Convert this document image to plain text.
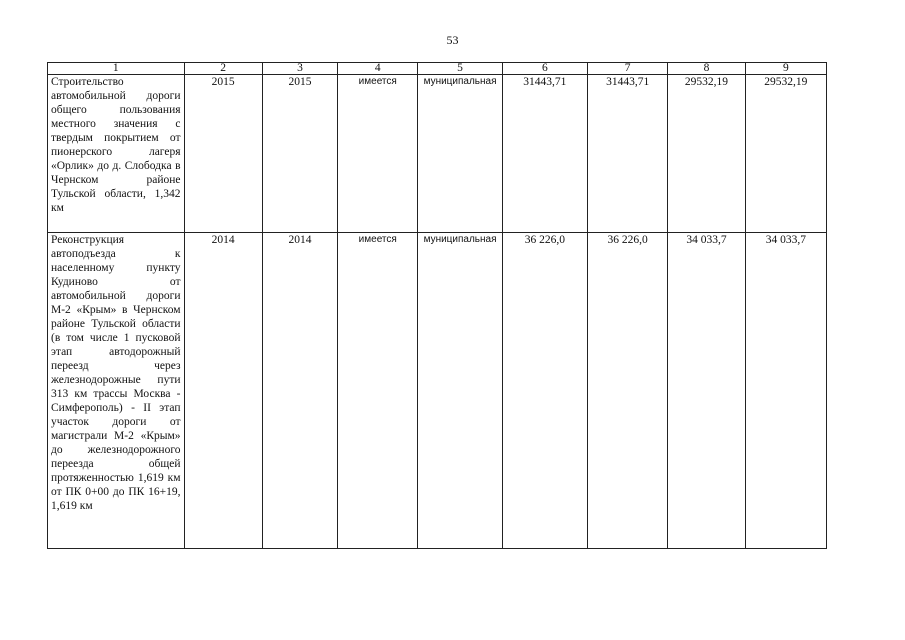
53
1	2	3	4	5	6	7	8	9
Строительство автомобильной дороги общего пользования местного значения с твердым покрытием от пионерского лагеря «Орлик» до д. Слободка в Чернском районе Тульской области, 1,342 км	2015	2015	имеется	муниципальная	31443,71	31443,71	29532,19	29532,19
Реконструкция автоподъезда к населенному пункту Кудиново от автомобильной дороги М-2 «Крым» в Чернском районе Тульской области (в том числе 1 пусковой этап автодорожный переезд через железнодорожные пути 313 км трассы Москва - Симферополь) - II этап участок дороги от магистрали М-2 «Крым» до железнодорожного переезда общей протяженностью 1,619 км от ПК 0+00 до ПК 16+19, 1,619 км	2014	2014	имеется	муниципальная	36 226,0	36 226,0	34 033,7	34 033,7
